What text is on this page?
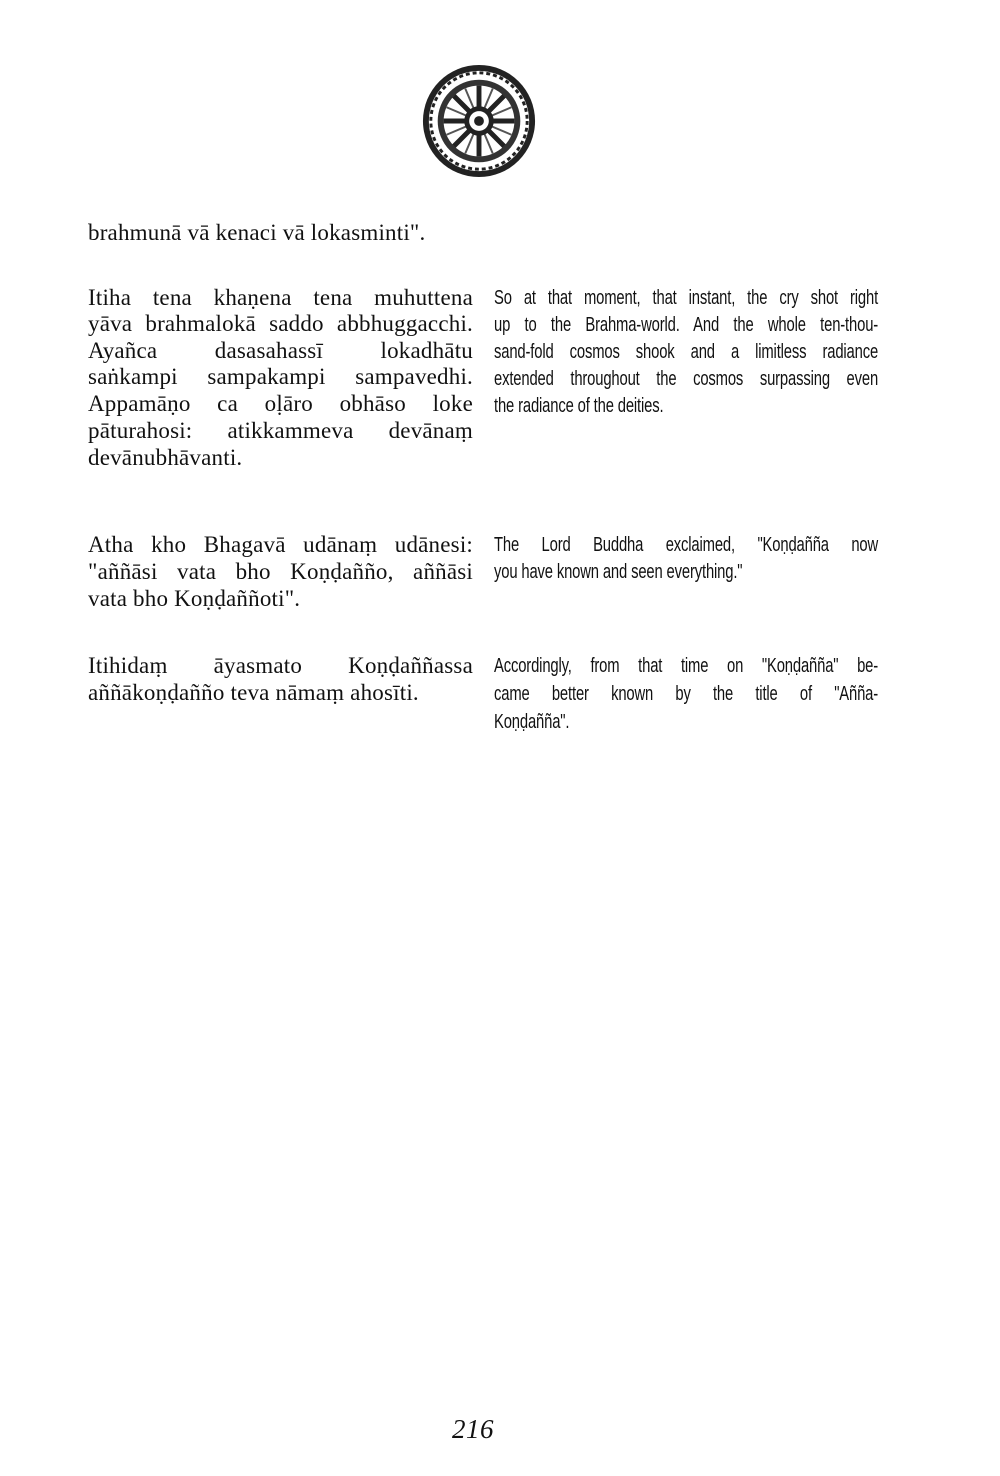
brahmunā vā kenaci vā lokasminti".
Itiha tena khaṇena tena muhuttena
yāva brahmalokā saddo abbhuggacchi.
Ayañca dasasahassī lokadhātu
saṅkampi sampakampi sampavedhi.
Appamāṇo ca oḷāro obhāso loke
pāturahosi: atikkammeva devānaṃ
devānubhāvanti.
So at that moment, that instant, the cry shot right
up to the Brahma-world. And the whole ten-thou-
sand-fold cosmos shook and a limitless radiance
extended throughout the cosmos surpassing even
the radiance of the deities.
Atha kho Bhagavā udānaṃ udānesi:
"aññāsi vata bho Koṇḍañño, aññāsi
vata bho Koṇḍaññoti".
The Lord Buddha exclaimed, "Koṇḍañña now
you have known and seen everything."
Itihidaṃ āyasmato Koṇḍaññassa
aññākoṇḍañño teva nāmaṃ ahosīti.
Accordingly, from that time on "Koṇḍañña" be-
came better known by the title of "Añña-
Koṇḍañña".
216
